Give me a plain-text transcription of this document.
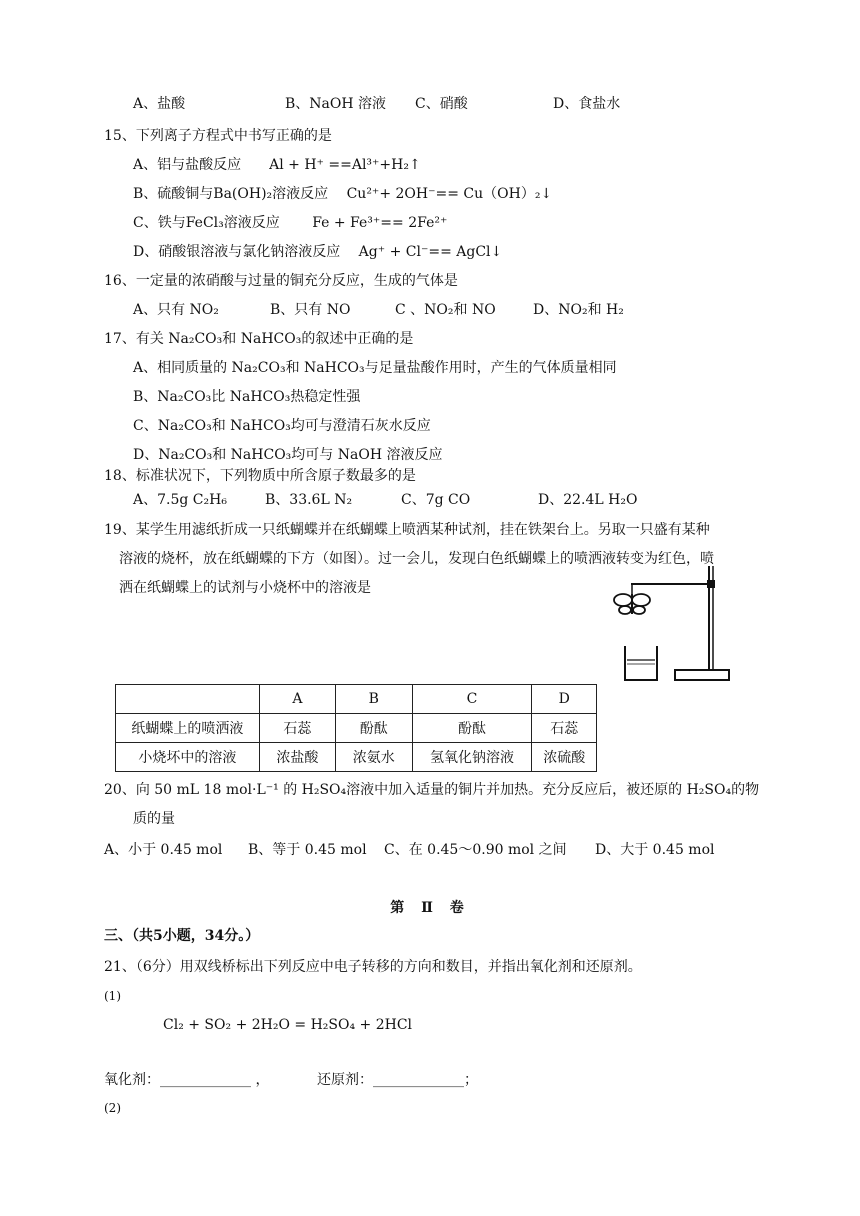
A、盐酸	B、NaOH 溶液 C、硝酸	D、食盐水
15、下列离子方程式中书写正确的是
A、铝与盐酸反应　　Al + H⁺ ==Al³⁺+H₂↑
B、硫酸铜与Ba(OH)₂溶液反应　 Cu²⁺+ 2OH⁻== Cu（OH）₂↓
C、铁与FeCl₃溶液反应　　 Fe + Fe³⁺== 2Fe²⁺
D、硝酸银溶液与氯化钠溶液反应　 Ag⁺ + Cl⁻== AgCl↓
16、一定量的浓硝酸与过量的铜充分反应，生成的气体是
A、只有 NO₂	B、只有 NO	C 、NO₂和 NO	D、NO₂和 H₂
17、有关 Na₂CO₃和 NaHCO₃的叙述中正确的是
A、相同质量的 Na₂CO₃和 NaHCO₃与足量盐酸作用时，产生的气体质量相同
B、Na₂CO₃比 NaHCO₃热稳定性强
C、Na₂CO₃和 NaHCO₃均可与澄清石灰水反应
D、Na₂CO₃和 NaHCO₃均可与 NaOH 溶液反应
18、标准状况下，下列物质中所含原子数最多的是
A、7.5g C₂H₆	B、33.6L N₂	C、7g CO	D、22.4L H₂O
19、某学生用滤纸折成一只纸蝴蝶并在纸蝴蝶上喷洒某种试剂，挂在铁架台上。另取一只盛有某种
溶液的烧杯，放在纸蝴蝶的下方（如图）。过一会儿，发现白色纸蝴蝶上的喷洒液转变为红色，喷
洒在纸蝴蝶上的试剂与小烧杯中的溶液是
	A	B	C	D
纸蝴蝶上的喷洒液	石蕊	酚酞	酚酞	石蕊
小烧坏中的溶液	浓盐酸	浓氨水	氢氧化钠溶液	浓硫酸
20、向 50 mL 18 mol·L⁻¹ 的 H₂SO₄溶液中加入适量的铜片并加热。充分反应后，被还原的 H₂SO₄的物
质的量
A、小于 0.45 mol B、等于 0.45 mol C、在 0.45～0.90 mol 之间 D、大于 0.45 mol
第 Ⅱ 卷
三、（共5小题，34分。）
21、（6分）用双线桥标出下列反应中电子转移的方向和数目，并指出氧化剂和还原剂。
(1)
Cl₂ + SO₂ + 2H₂O = H₂SO₄ + 2HCl
氧化剂：_____________ ，	还原剂：_____________；
(2)
